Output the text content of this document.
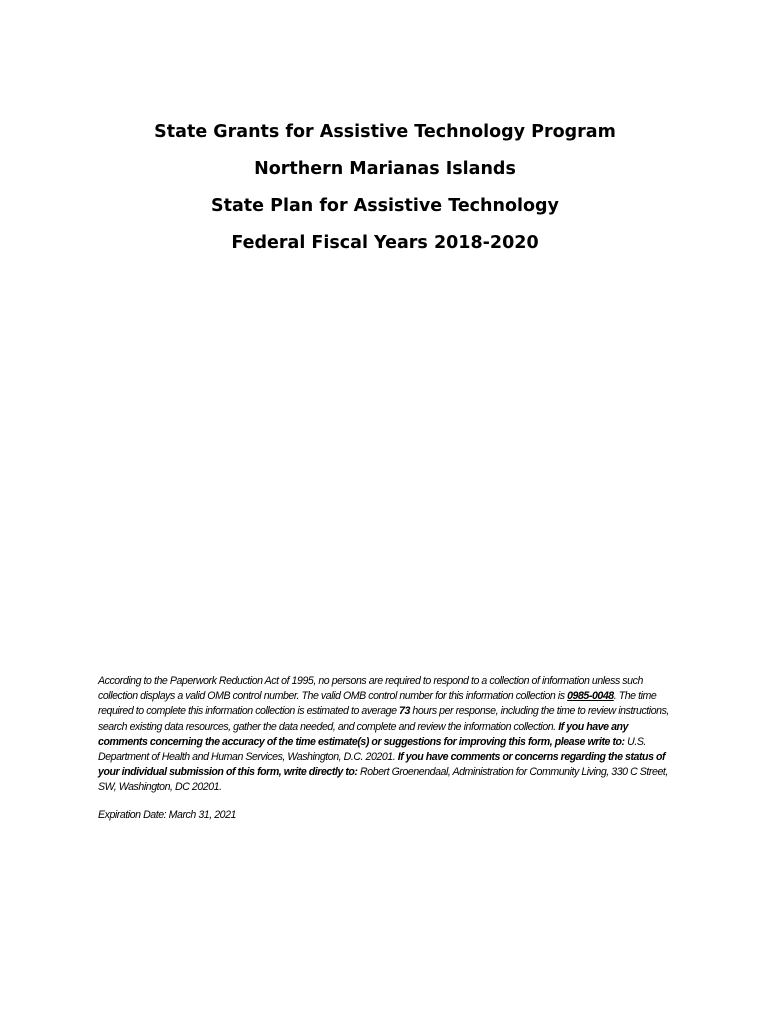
State Grants for Assistive Technology Program
Northern Marianas Islands
State Plan for Assistive Technology
Federal Fiscal Years 2018-2020

According to the Paperwork Reduction Act of 1995, no persons are required to respond to a collection of information unless such collection displays a valid OMB control number. The valid OMB control number for this information collection is 0985-0048. The time required to complete this information collection is estimated to average 73 hours per response, including the time to review instructions, search existing data resources, gather the data needed, and complete and review the information collection. If you have any comments concerning the accuracy of the time estimate(s) or suggestions for improving this form, please write to: U.S. Department of Health and Human Services, Washington, D.C. 20201. If you have comments or concerns regarding the status of your individual submission of this form, write directly to: Robert Groenendaal, Administration for Community Living, 330 C Street, SW, Washington, DC 20201.

Expiration Date: March 31, 2021
